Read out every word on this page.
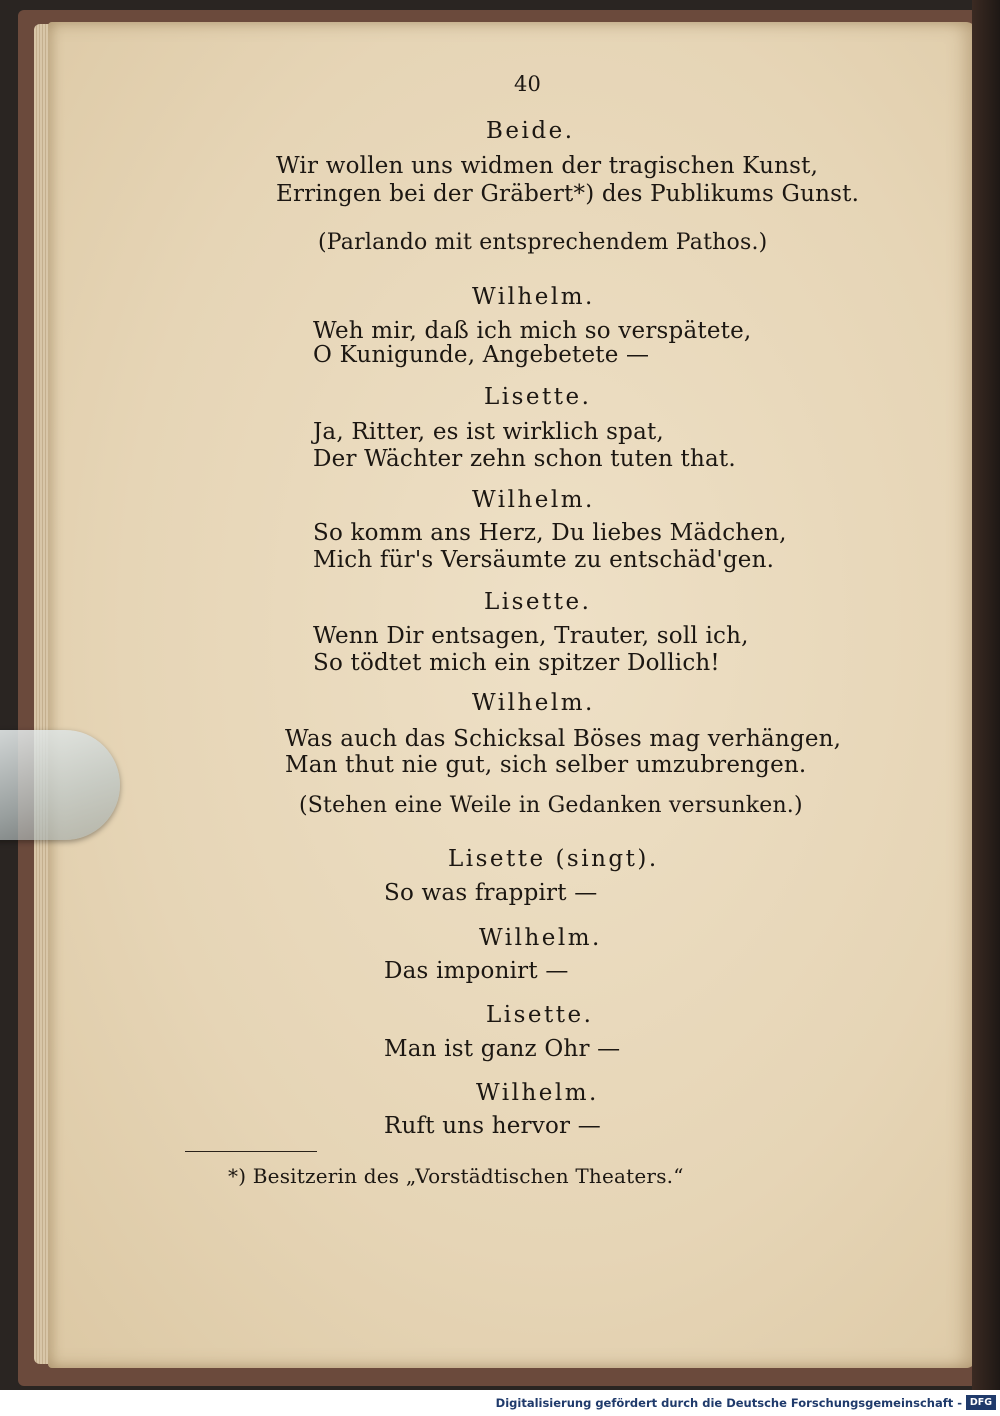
40
Beide.
Wir wollen uns widmen der tragischen Kunst,
Erringen bei der Gräbert*) des Publikums Gunst.
(Parlando mit entsprechendem Pathos.)
Wilhelm.
Weh mir, daß ich mich so verspätete,
O Kunigunde, Angebetete —
Lisette.
Ja, Ritter, es ist wirklich spat,
Der Wächter zehn schon tuten that.
Wilhelm.
So komm ans Herz, Du liebes Mädchen,
Mich für's Versäumte zu entschäd'gen.
Lisette.
Wenn Dir entsagen, Trauter, soll ich,
So tödtet mich ein spitzer Dollich!
Wilhelm.
Was auch das Schicksal Böses mag verhängen,
Man thut nie gut, sich selber umzubrengen.
(Stehen eine Weile in Gedanken versunken.)
Lisette (singt).
So was frappirt —
Wilhelm.
Das imponirt —
Lisette.
Man ist ganz Ohr —
Wilhelm.
Ruft uns hervor —
*) Besitzerin des „Vorstädtischen Theaters.“
Digitalisierung gefördert durch die Deutsche Forschungsgemeinschaft - DFG
